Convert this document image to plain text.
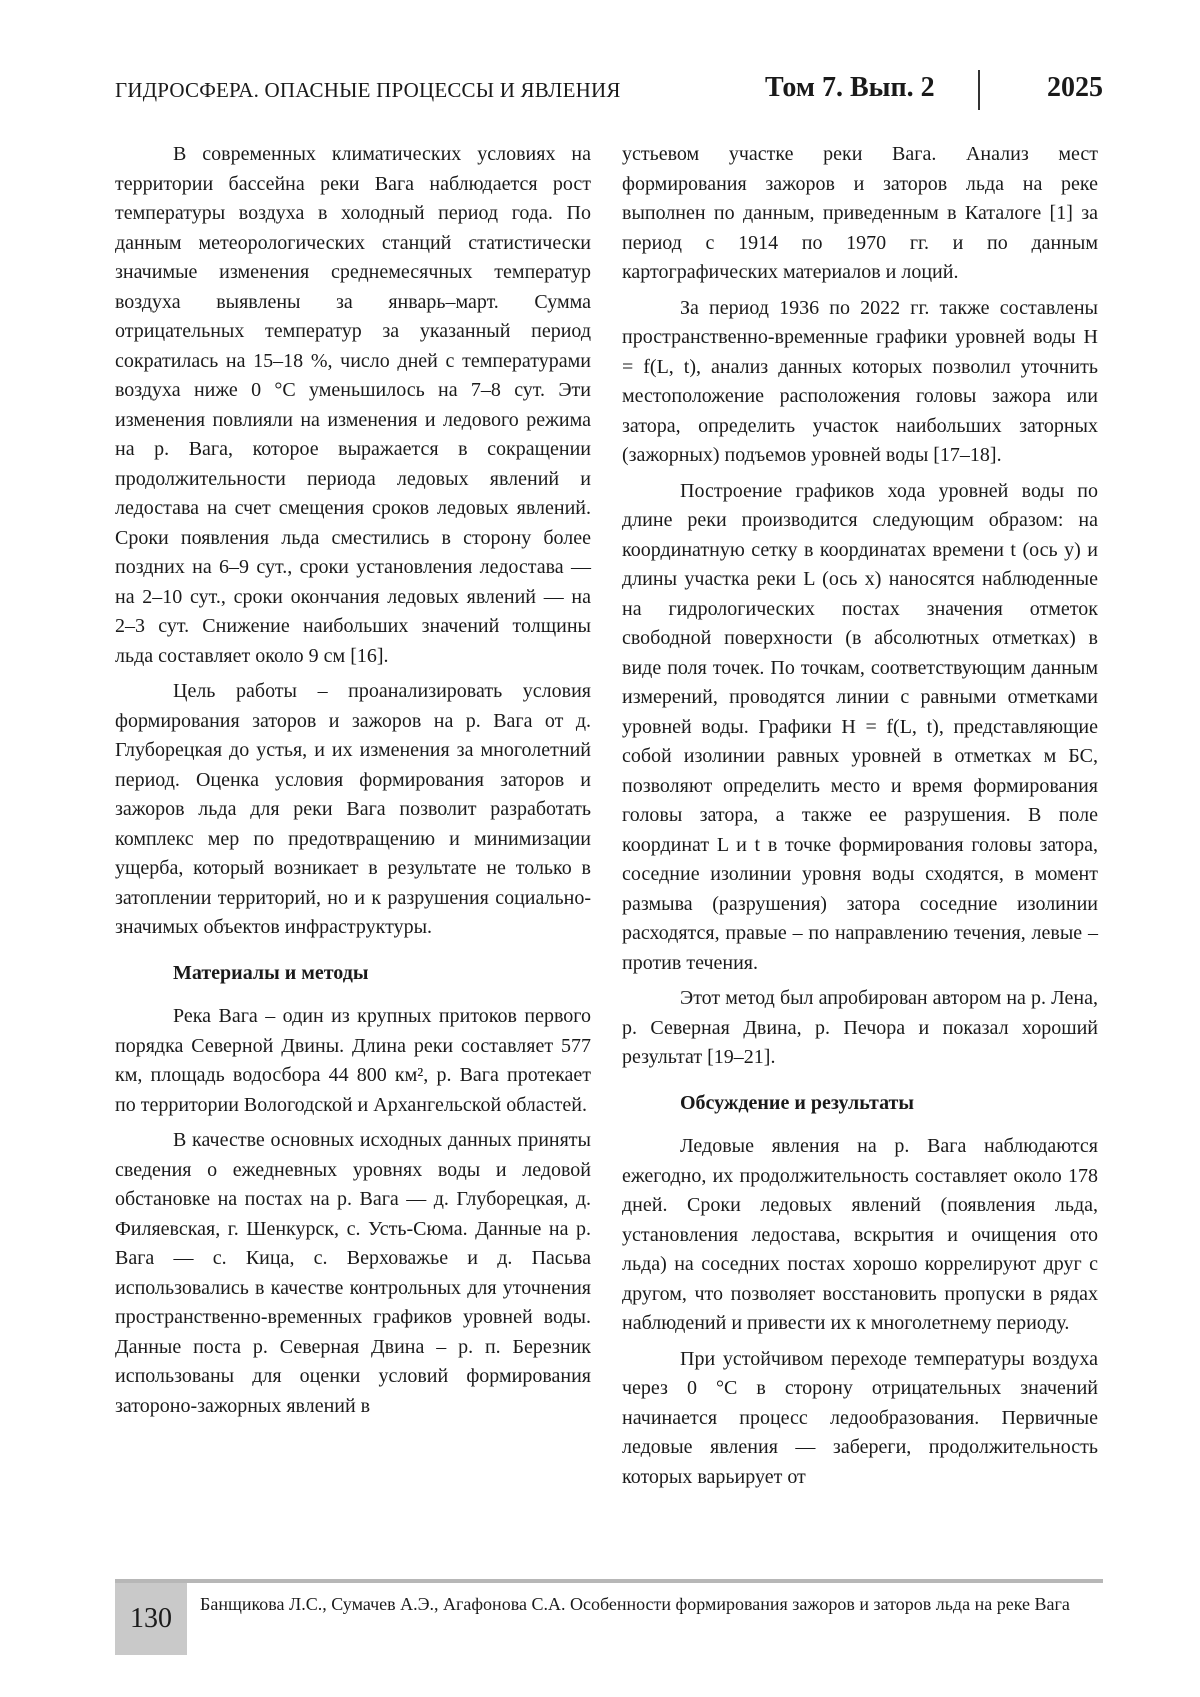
ГИДРОСФЕРА. ОПАСНЫЕ ПРОЦЕССЫ И ЯВЛЕНИЯ	Том 7. Вып. 2	2025

В современных климатических условиях на территории бассейна реки Вага наблюдается рост температуры воздуха в холодный период года. По данным метеорологических станций статистически значимые изменения среднемесячных температур воздуха выявлены за январь–март. Сумма отрицательных температур за указанный период сократилась на 15–18 %, число дней с температурами воздуха ниже 0 °C уменьшилось на 7–8 сут. Эти изменения повлияли на изменения и ледового режима на р. Вага, которое выражается в сокращении продолжительности периода ледовых явлений и ледостава на счет смещения сроков ледовых явлений. Сроки появления льда сместились в сторону более поздних на 6–9 сут., сроки установления ледостава — на 2–10 сут., сроки окончания ледовых явлений — на 2–3 сут. Снижение наибольших значений толщины льда составляет около 9 см [16].

Цель работы – проанализировать условия формирования заторов и зажоров на р. Вага от д. Глуборецкая до устья, и их изменения за многолетний период. Оценка условия формирования заторов и зажоров льда для реки Вага позволит разработать комплекс мер по предотвращению и минимизации ущерба, который возникает в результате не только в затоплении территорий, но и к разрушения социально-значимых объектов инфраструктуры.

Материалы и методы

Река Вага – один из крупных притоков первого порядка Северной Двины. Длина реки составляет 577 км, площадь водосбора 44 800 км², р. Вага протекает по территории Вологодской и Архангельской областей.

В качестве основных исходных данных приняты сведения о ежедневных уровнях воды и ледовой обстановке на постах на р. Вага — д. Глуборецкая, д. Филяевская, г. Шенкурск, с. Усть-Сюма. Данные на р. Вага — с. Кица, с. Верховажье и д. Пасьва использовались в качестве контрольных для уточнения пространственно-временных графиков уровней воды. Данные поста р. Северная Двина – р. п. Березник использованы для оценки условий формирования затороно-зажорных явлений в

устьевом участке реки Вага. Анализ мест формирования зажоров и заторов льда на реке выполнен по данным, приведенным в Каталоге [1] за период с 1914 по 1970 гг. и по данным картографических материалов и лоций.

За период 1936 по 2022 гг. также составлены пространственно-временные графики уровней воды H = f(L, t), анализ данных которых позволил уточнить местоположение расположения головы зажора или затора, определить участок наибольших заторных (зажорных) подъемов уровней воды [17–18].

Построение графиков хода уровней воды по длине реки производится следующим образом: на координатную сетку в координатах времени t (ось y) и длины участка реки L (ось x) наносятся наблюденные на гидрологических постах значения отметок свободной поверхности (в абсолютных отметках) в виде поля точек. По точкам, соответствующим данным измерений, проводятся линии с равными отметками уровней воды. Графики H = f(L, t), представляющие собой изолинии равных уровней в отметках м БС, позволяют определить место и время формирования головы затора, а также ее разрушения. В поле координат L и t в точке формирования головы затора, соседние изолинии уровня воды сходятся, в момент размыва (разрушения) затора соседние изолинии расходятся, правые – по направлению течения, левые – против течения.

Этот метод был апробирован автором на р. Лена, р. Северная Двина, р. Печора и показал хороший результат [19–21].

Обсуждение и результаты

Ледовые явления на р. Вага наблюдаются ежегодно, их продолжительность составляет около 178 дней. Сроки ледовых явлений (появления льда, установления ледостава, вскрытия и очищения ото льда) на соседних постах хорошо коррелируют друг с другом, что позволяет восстановить пропуски в рядах наблюдений и привести их к многолетнему периоду.

При устойчивом переходе температуры воздуха через 0 °C в сторону отрицательных значений начинается процесс ледообразования. Первичные ледовые явления — забереги, продолжительность которых варьирует от

130	Банщикова Л.С., Сумачев А.Э., Агафонова С.А. Особенности формирования зажоров и заторов льда на реке Вага
